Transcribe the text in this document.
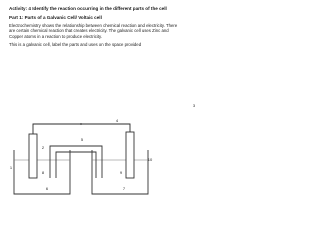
Activity: 4 Identify the reaction occurring in the different parts of the cell
Part 1: Parts of a Galvanic Cell/ Voltaic cell
Electrochemistry shows the relationship between chemical reaction and electricity. There are certain chemical reaction that creates electricity. The galvanic cell uses Zinc and Copper atoms in a reaction to produce electricity.
This is a galvanic cell, label the parts and uses on the space provided
4
5
2
10
1
8	9
6	7
3
